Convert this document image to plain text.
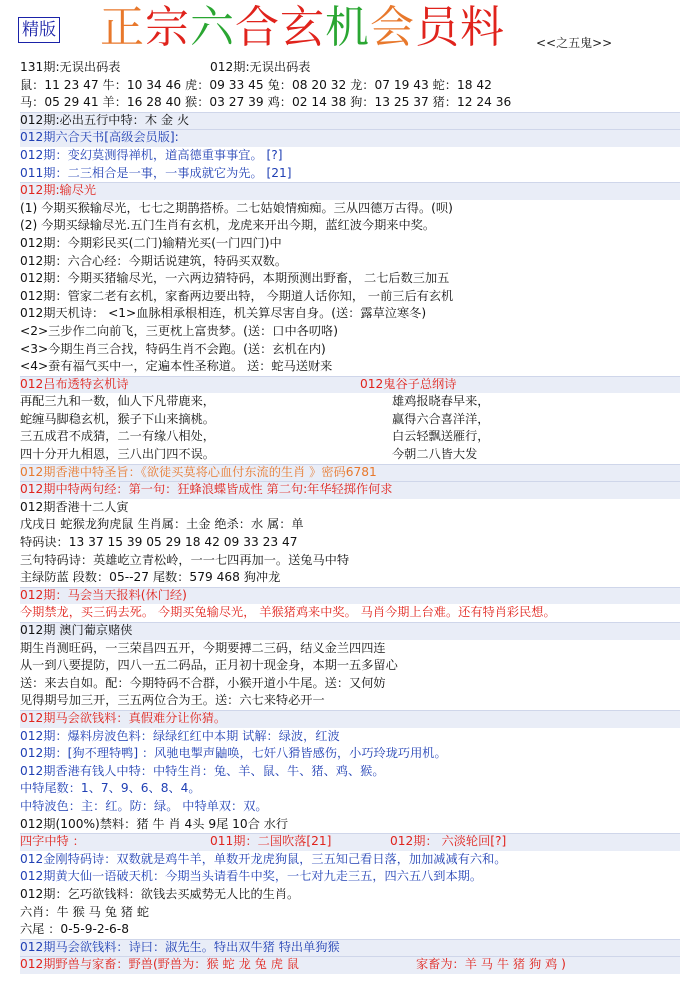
精版 正宗六合玄机会员料	<<之五鬼>>
131期:无误出码表	012期:无误出码表
鼠：11 23 47 牛：10 34 46 虎：09 33 45 兔：08 20 32 龙：07 19 43 蛇：18 42
马：05 29 41 羊：16 28 40 猴：03 27 39 鸡：02 14 38 狗：13 25 37 猪：12 24 36
012期:必出五行中特：木 金 火
012期六合天书[高级会员版]:
012期：变幻莫测得禅机，道高德重事事宜。 [?]
011期：二三相合是一事，一事成就它为先。 [21]
012期:输尽光
(1) 今期买猴输尽光，七七之期鹊搭桥。二七姑娘情痴痴。三从四德万古得。(呗)
(2) 今期买绿输尽光.五门生肖有玄机，龙虎来开出今期，蓝红波今期来中奖。
012期：今期彩民买(二门)输精光买(一门四门)中
012期：六合心经：今期话说建筑，特码买双数。
012期：今期买猪输尽光，一六两边猜特码，本期预测出野畜， 二七后数三加五
012期：管家二老有玄机，家畜两边要出特， 今期道人话你知， 一前三后有玄机
012期天机诗： <1>血脉相承根相连，机关算尽害自身。(送：露草泣寒冬)
<2>三步作二向前飞，三更枕上富贵梦。(送：口中各叨咯)
<3>今期生肖三合找，特码生肖不会跑。(送：玄机在内)
<4>蚕有福气买中一，定遍本性圣称道。 送：蛇马送财来
012吕布透特玄机诗	012鬼谷子总纲诗
再配三九和一数，仙人下凡带鹿来，	雄鸡报晓春早来，
蛇缠马脚稳玄机，猴子下山来摘桃。	赢得六合喜洋洋，
三五成君不成猜，二一有缘八相处，	白云轻飘送雁行，
四十分开九相恩，三八出门四不误。	今朝二八皆大发
012期香港中特圣旨：《欲徒买莫将心血付东流的生肖 》密码6781
012期中特两句经：第一句：狂蜂浪蝶皆成性 第二句:年华轻掷作何求
012期香港十二人寅
戊戌日 蛇猴龙狗虎鼠 生肖属：土金 绝杀：水 属：单
特码诀：13 37 15 39 05 29 18 42 09 33 23 47
三句特码诗：英雄屹立青松岭，一一七四再加一。送兔马中特
主绿防蓝 段数：05--27 尾数：579 468 狗冲龙
012期：马会当天报料(休门经)
今期禁龙，买三码去死。 今期买兔输尽光， 羊猴猪鸡来中奖。 马肖今期上台难。还有特肖彩民想。
012期 澳门葡京赌侠
期生肖测旺码，一三荣昌四五开，今期要搏二三码，结义金兰四四连
从一到八要提防，四八一五二码品，正月初十现金身，本期一五多留心
送：来去自如。配：今期特码不合群，小猴开道小牛尾。送：又何妨
见得期号加三开，三五两位合为王。送：六七来特必开一
012期马会欲钱料：真假难分让你猜。
012期：爆料房波色料：绿绿红红中本期 试解：绿波，红波
012期：[狗不理特鸭] ：风驰电掣声鼬唤，七奸八猾皆感伤，小巧玲珑巧用机。
012期香港有钱人中特：中特生肖：兔、羊、鼠、牛、猪、鸡、猴。
中特尾数：1、7、9、6、8、4。
中特波色：主：红。防：绿。 中特单双：双。
012期(100%)禁料：猪 牛 肖 4头 9尾 10合 水行
四字中特 ：	011期：二国吹落[21]	012期： 六淡轮回[?]
012金刚特码诗：双数就是鸡牛羊，单数开龙虎狗鼠，三五知己看日落，加加减减有六和。
012期黄大仙一语破天机：今期当头请看牛中奖，一七对九走三五，四六五八到本期。
012期：乞巧欲钱料：欲钱去买威势无人比的生肖。
六肖：牛 猴 马 兔 猪 蛇
六尾 ：0-5-9-2-6-8
012期马会欲钱料：诗曰：淑先生。特出双牛猪 特出单狗猴
012期野兽与家畜：野兽(野兽为：猴 蛇 龙 兔 虎 鼠	家畜为：羊 马 牛 猪 狗 鸡 )
